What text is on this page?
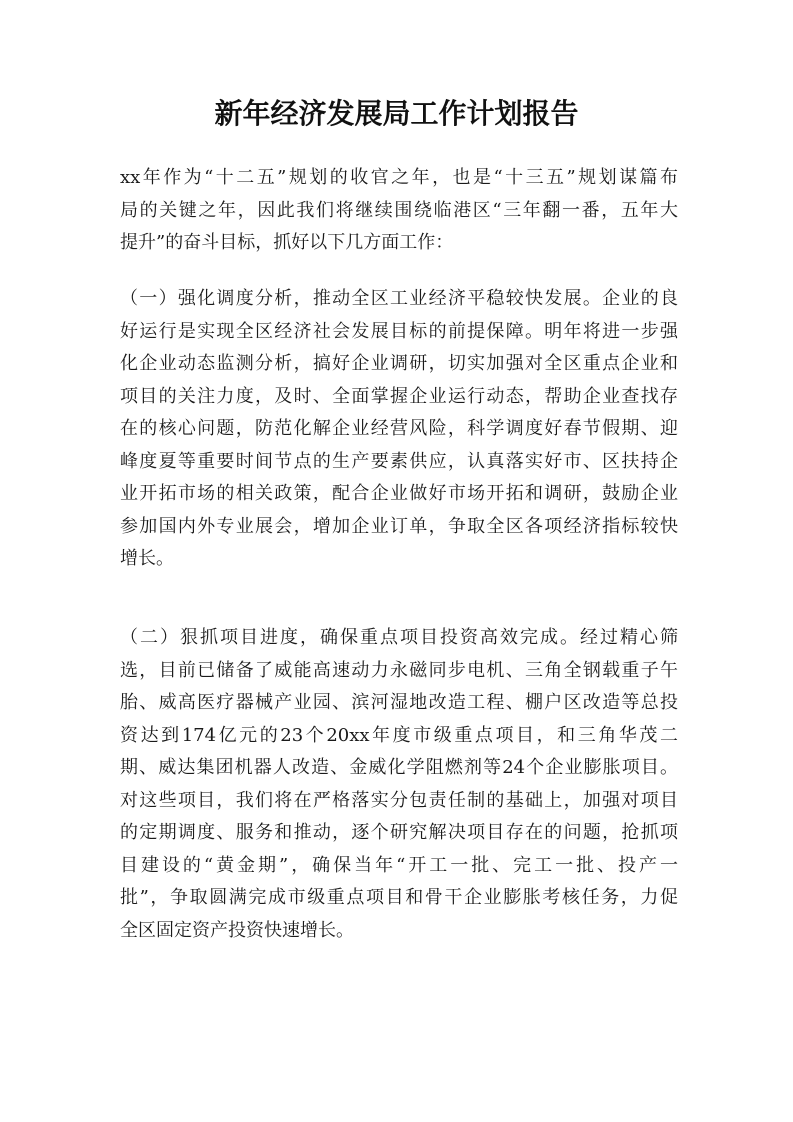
新年经济发展局工作计划报告
xx年作为“十二五”规划的收官之年，也是“十三五”规划谋篇布
局的关键之年，因此我们将继续围绕临港区“三年翻一番，五年大
提升”的奋斗目标，抓好以下几方面工作：
（一）强化调度分析，推动全区工业经济平稳较快发展。企业的良
好运行是实现全区经济社会发展目标的前提保障。明年将进一步强
化企业动态监测分析，搞好企业调研，切实加强对全区重点企业和
项目的关注力度，及时、全面掌握企业运行动态，帮助企业查找存
在的核心问题，防范化解企业经营风险，科学调度好春节假期、迎
峰度夏等重要时间节点的生产要素供应，认真落实好市、区扶持企
业开拓市场的相关政策，配合企业做好市场开拓和调研，鼓励企业
参加国内外专业展会，增加企业订单，争取全区各项经济指标较快
增长。
（二）狠抓项目进度，确保重点项目投资高效完成。经过精心筛
选，目前已储备了威能高速动力永磁同步电机、三角全钢载重子午
胎、威高医疗器械产业园、滨河湿地改造工程、棚户区改造等总投
资达到174亿元的23个20xx年度市级重点项目，和三角华茂二
期、威达集团机器人改造、金威化学阻燃剂等24个企业膨胀项目。
对这些项目，我们将在严格落实分包责任制的基础上，加强对项目
的定期调度、服务和推动，逐个研究解决项目存在的问题，抢抓项
目建设的“黄金期”，确保当年“开工一批、完工一批、投产一
批”，争取圆满完成市级重点项目和骨干企业膨胀考核任务，力促
全区固定资产投资快速增长。
